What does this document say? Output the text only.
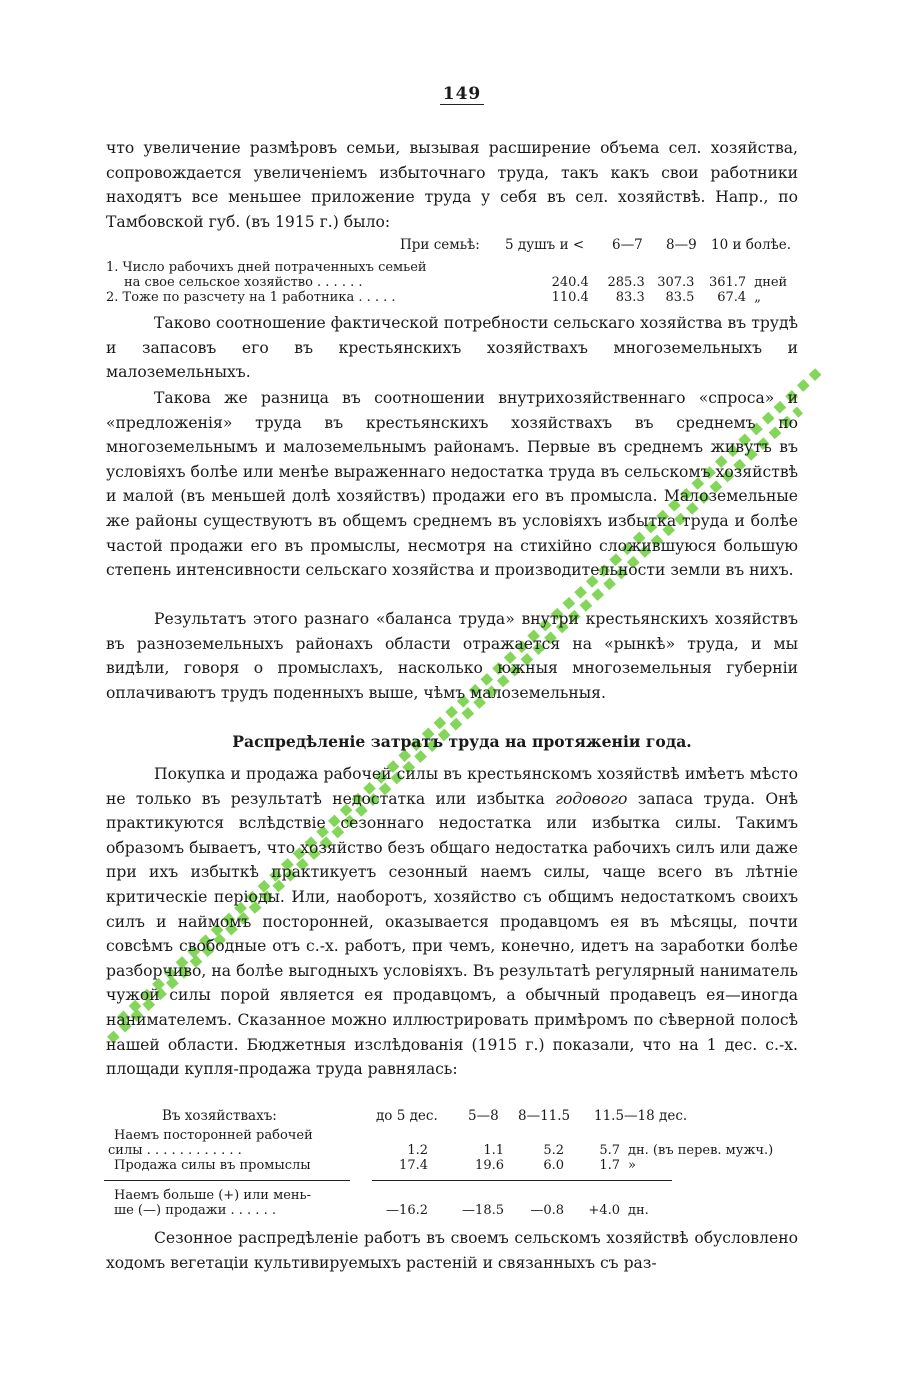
149

что увеличение размѣровъ семьи, вызывая расширение объема сел. хозяйства, сопровождается увеличеніемъ избыточнаго труда, такъ какъ свои работники находятъ все меньшее приложение труда у себя въ сел. хозяйствѣ. Напр., по Тамбовской губ. (въ 1915 г.) было:

При семьѣ: 5 душъ и < 6—7 8—9 10 и болѣе.
1. Число рабочихъ дней потраченныхъ семьей					
на свое сельское хозяйство . . . . . .	240.4	285.3	307.3	361.7	дней
2. Тоже по разсчету на 1 работника . . . . .	110.4	83.3	83.5	67.4	„

Таково соотношение фактической потребности сельскаго хозяйства въ трудѣ и запасовъ его въ крестьянскихъ хозяйствахъ многоземельныхъ и малоземельныхъ.

Такова же разница въ соотношении внутрихозяйственнаго «спроса» и «предложенія» труда въ крестьянскихъ хозяйствахъ въ среднемъ по многоземельнымъ и малоземельнымъ районамъ. Первые въ среднемъ живутъ въ условіяхъ болѣе или менѣе выраженнаго недостатка труда въ сельскомъ хозяйствѣ и малой (въ меньшей долѣ хозяйствъ) продажи его въ промысла. Малоземельные же районы существуютъ въ общемъ среднемъ въ условіяхъ избытка труда и болѣе частой продажи его въ промыслы, несмотря на стихійно сложившуюся большую степень интенсивности сельскаго хозяйства и производительности земли въ нихъ.

Результатъ этого разнаго «баланса труда» внутри крестьянскихъ хозяйствъ въ разноземельныхъ районахъ области отражается на «рынкѣ» труда, и мы видѣли, говоря о промыслахъ, насколько южныя многоземельныя губерніи оплачиваютъ трудъ поденныхъ выше, чѣмъ малоземельныя.

Распредѣленіе затратъ труда на протяженіи года.

Покупка и продажа рабочей силы въ крестьянскомъ хозяйствѣ имѣетъ мѣсто не только въ результатѣ недостатка или избытка годового запаса труда. Онѣ практикуются вслѣдствіе сезоннаго недостатка или избытка силы. Такимъ образомъ бываетъ, что хозяйство безъ общаго недостатка рабочихъ силъ или даже при ихъ избыткѣ практикуетъ сезонный наемъ силы, чаще всего въ лѣтніе критическіе періоды. Или, наоборотъ, хозяйство съ общимъ недостаткомъ своихъ силъ и наймомъ посторонней, оказывается продавцомъ ея въ мѣсяцы, почти совсѣмъ свободные отъ с.-х. работъ, при чемъ, конечно, идетъ на заработки болѣе разборчиво, на болѣе выгодныхъ условіяхъ. Въ результатѣ регулярный наниматель чужой силы порой является ея продавцомъ, а обычный продавецъ ея—иногда нанимателемъ. Сказанное можно иллюстрировать примѣромъ по сѣверной полосѣ нашей области. Бюджетныя изслѣдованія (1915 г.) показали, что на 1 дес. с.-х. площади купля-продажа труда равнялась:

Въ хозяйствахъ:	до 5 дес. 5—8 8—11.5 11.5—18 дес.
Наемъ посторонней рабочей					
силы . . . . . . . . . . . .	1.2	1.1	5.2	5.7	дн. (въ перев. мужч.)
Продажа силы въ промыслы	17.4	19.6	6.0	1.7	»
Наемъ больше (+) или мень-					
ше (—) продажи . . . . . .	—16.2	—18.5	—0.8	+4.0	дн.

Сезонное распредѣленіе работъ въ своемъ сельскомъ хозяйствѣ обусловлено ходомъ вегетаціи культивируемыхъ растеній и связанныхъ съ раз-
